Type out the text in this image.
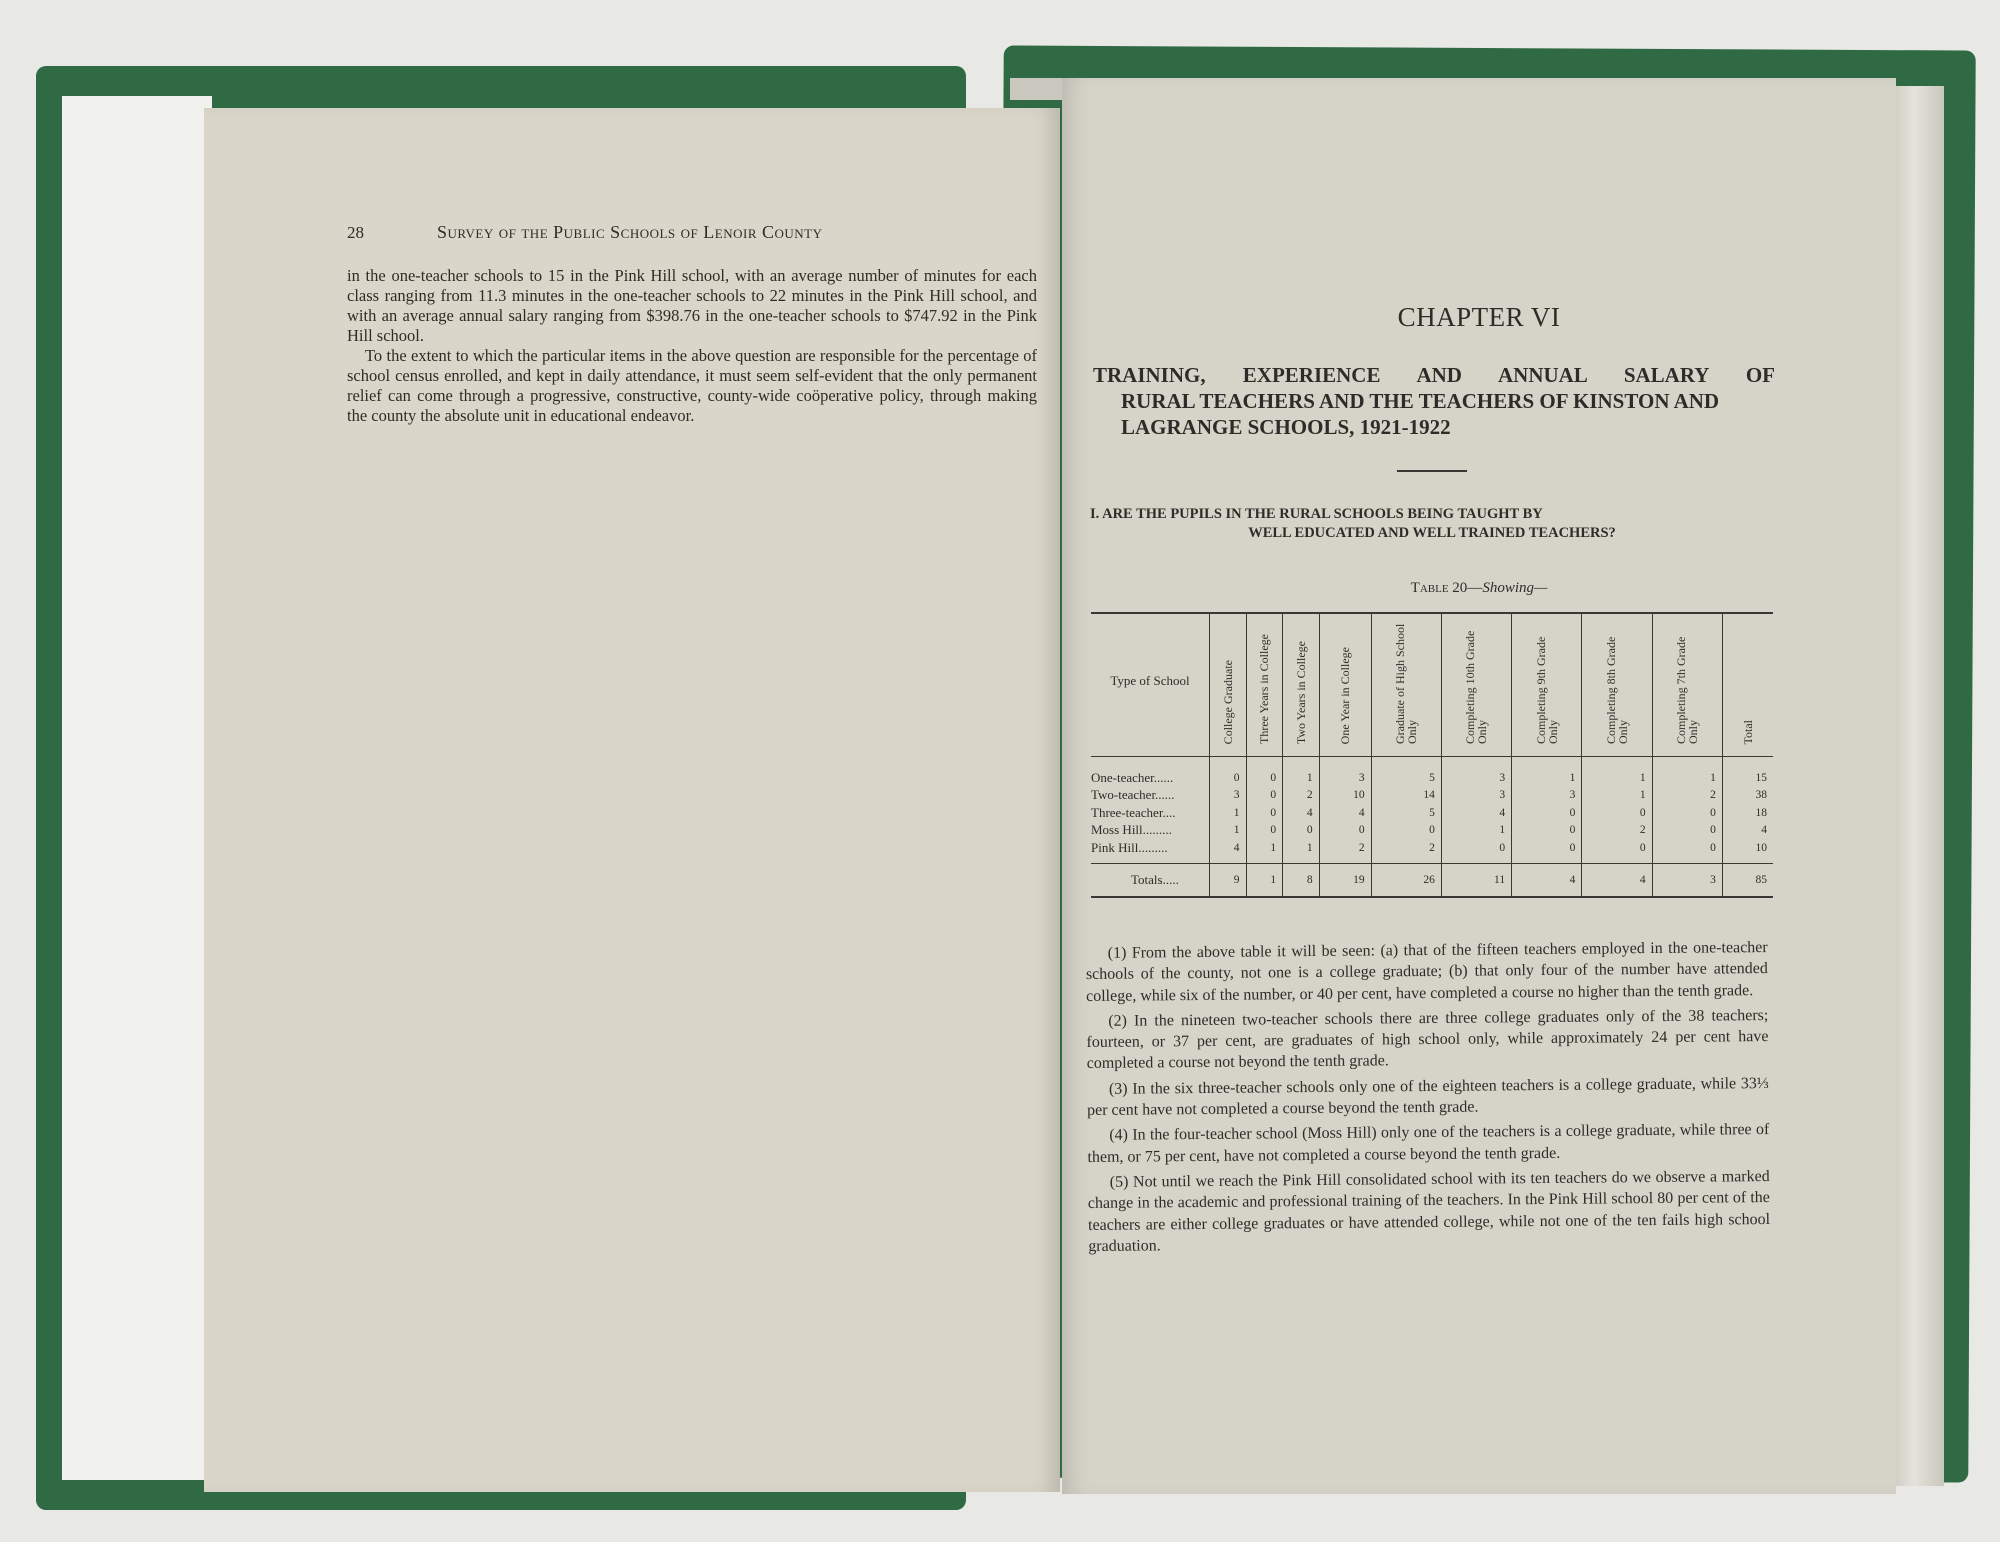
28	Survey of the Public Schools of Lenoir County

in the one-teacher schools to 15 in the Pink Hill school, with an average number of minutes for each class ranging from 11.3 minutes in the one-teacher schools to 22 minutes in the Pink Hill school, and with an average annual salary ranging from $398.76 in the one-teacher schools to $747.92 in the Pink Hill school.

To the extent to which the particular items in the above question are responsible for the percentage of school census enrolled, and kept in daily attendance, it must seem self-evident that the only permanent relief can come through a progressive, constructive, county-wide coöperative policy, through making the county the absolute unit in educational endeavor.

CHAPTER VI
TRAINING, EXPERIENCE AND ANNUAL SALARY OF
RURAL TEACHERS AND THE TEACHERS OF KINSTON AND LAGRANGE SCHOOLS, 1921-1922
I. ARE THE PUPILS IN THE RURAL SCHOOLS BEING TAUGHT BY
WELL EDUCATED AND WELL TRAINED TEACHERS?
Table 20—Showing—
Type of School	College Graduate	Three Years in College	Two Years in College	One Year in College	Graduate of High School Only	Completing 10th Grade Only	Completing 9th Grade Only	Completing 8th Grade Only	Completing 7th Grade Only	Total
One-teacher......	0	0	1	3	5	3	1	1	1	15
Two-teacher......	3	0	2	10	14	3	3	1	2	38
Three-teacher....	1	0	4	4	5	4	0	0	0	18
Moss Hill.........	1	0	0	0	0	1	0	2	0	4
Pink Hill.........	4	1	1	2	2	0	0	0	0	10
Totals.....	9	1	8	19	26	11	4	4	3	85

(1) From the above table it will be seen: (a) that of the fifteen teachers employed in the one-teacher schools of the county, not one is a college graduate; (b) that only four of the number have attended college, while six of the number, or 40 per cent, have completed a course no higher than the tenth grade.

(2) In the nineteen two-teacher schools there are three college graduates only of the 38 teachers; fourteen, or 37 per cent, are graduates of high school only, while approximately 24 per cent have completed a course not beyond the tenth grade.

(3) In the six three-teacher schools only one of the eighteen teachers is a college graduate, while 33⅓ per cent have not completed a course beyond the tenth grade.

(4) In the four-teacher school (Moss Hill) only one of the teachers is a college graduate, while three of them, or 75 per cent, have not completed a course beyond the tenth grade.

(5) Not until we reach the Pink Hill consolidated school with its ten teachers do we observe a marked change in the academic and professional training of the teachers. In the Pink Hill school 80 per cent of the teachers are either college graduates or have attended college, while not one of the ten fails high school graduation.
